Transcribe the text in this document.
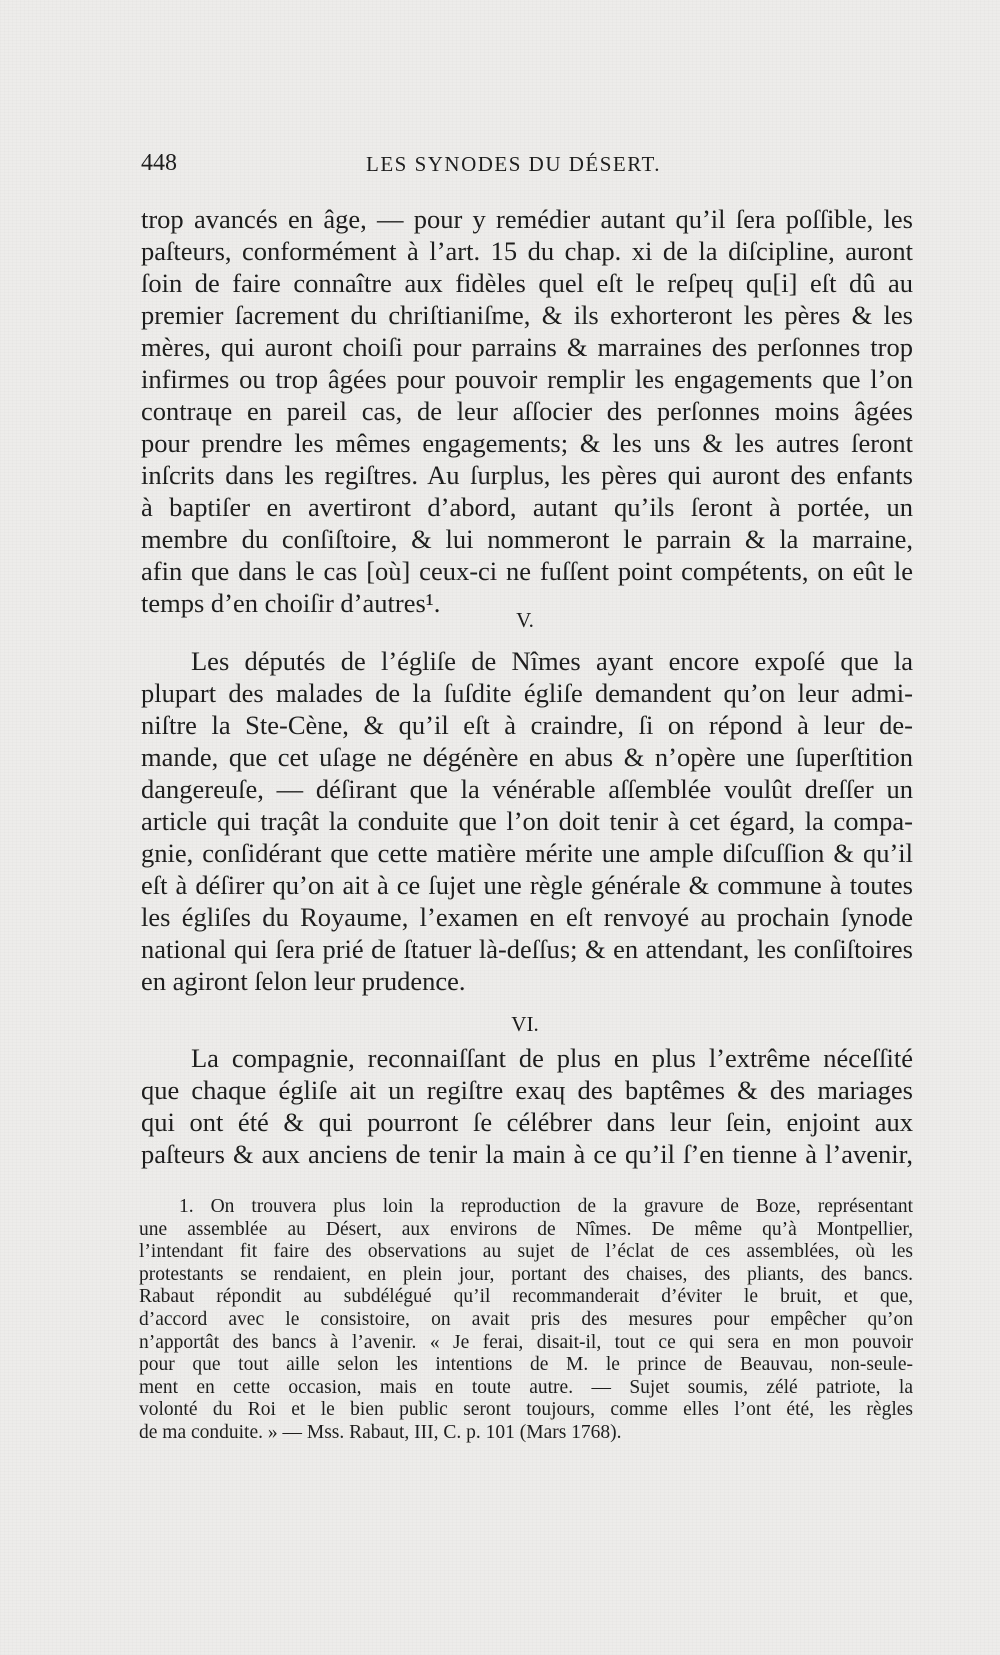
448	LES SYNODES DU DÉSERT.
trop avancés en âge, — pour y remédier autant qu’il ſera poſſible, les
paſteurs, conformément à l’art. 15 du chap. xi de la diſcipline, auront
ſoin de faire connaître aux fidèles quel eſt le reſpeɥ qu[i] eſt dû au
premier ſacrement du chriſtianiſme, & ils exhorteront les pères & les
mères, qui auront choiſi pour parrains & marraines des perſonnes trop
infirmes ou trop âgées pour pouvoir remplir les engagements que l’on
contraɥe en pareil cas, de leur aſſocier des perſonnes moins âgées
pour prendre les mêmes engagements; & les uns & les autres ſeront
inſcrits dans les regiſtres. Au ſurplus, les pères qui auront des enfants
à baptiſer en avertiront d’abord, autant qu’ils ſeront à portée, un
membre du conſiſtoire, & lui nommeront le parrain & la marraine,
afin que dans le cas [où] ceux-ci ne fuſſent point compétents, on eût le
temps d’en choiſir d’autres¹.
V.
Les députés de l’égliſe de Nîmes ayant encore expoſé que la
plupart des malades de la ſuſdite égliſe demandent qu’on leur admi-
niſtre la Ste-Cène, & qu’il eſt à craindre, ſi on répond à leur de-
mande, que cet uſage ne dégénère en abus & n’opère une ſuperſtition
dangereuſe, — déſirant que la vénérable aſſemblée voulût dreſſer un
article qui traçât la conduite que l’on doit tenir à cet égard, la compa-
gnie, conſidérant que cette matière mérite une ample diſcuſſion & qu’il
eſt à déſirer qu’on ait à ce ſujet une règle générale & commune à toutes
les égliſes du Royaume, l’examen en eſt renvoyé au prochain ſynode
national qui ſera prié de ſtatuer là-deſſus; & en attendant, les conſiſtoires
en agiront ſelon leur prudence.
VI.
La compagnie, reconnaiſſant de plus en plus l’extrême néceſſité
que chaque égliſe ait un regiſtre exaɥ des baptêmes & des mariages
qui ont été & qui pourront ſe célébrer dans leur ſein, enjoint aux
paſteurs & aux anciens de tenir la main à ce qu’il ſ’en tienne à l’avenir,
1. On trouvera plus loin la reproduction de la gravure de Boze, représentant
une assemblée au Désert, aux environs de Nîmes. De même qu’à Montpellier,
l’intendant fit faire des observations au sujet de l’éclat de ces assemblées, où les
protestants se rendaient, en plein jour, portant des chaises, des pliants, des bancs.
Rabaut répondit au subdélégué qu’il recommanderait d’éviter le bruit, et que,
d’accord avec le consistoire, on avait pris des mesures pour empêcher qu’on
n’apportât des bancs à l’avenir. « Je ferai, disait-il, tout ce qui sera en mon pouvoir
pour que tout aille selon les intentions de M. le prince de Beauvau, non-seule-
ment en cette occasion, mais en toute autre. — Sujet soumis, zélé patriote, la
volonté du Roi et le bien public seront toujours, comme elles l’ont été, les règles
de ma conduite. » — Mss. Rabaut, III, C. p. 101 (Mars 1768).
